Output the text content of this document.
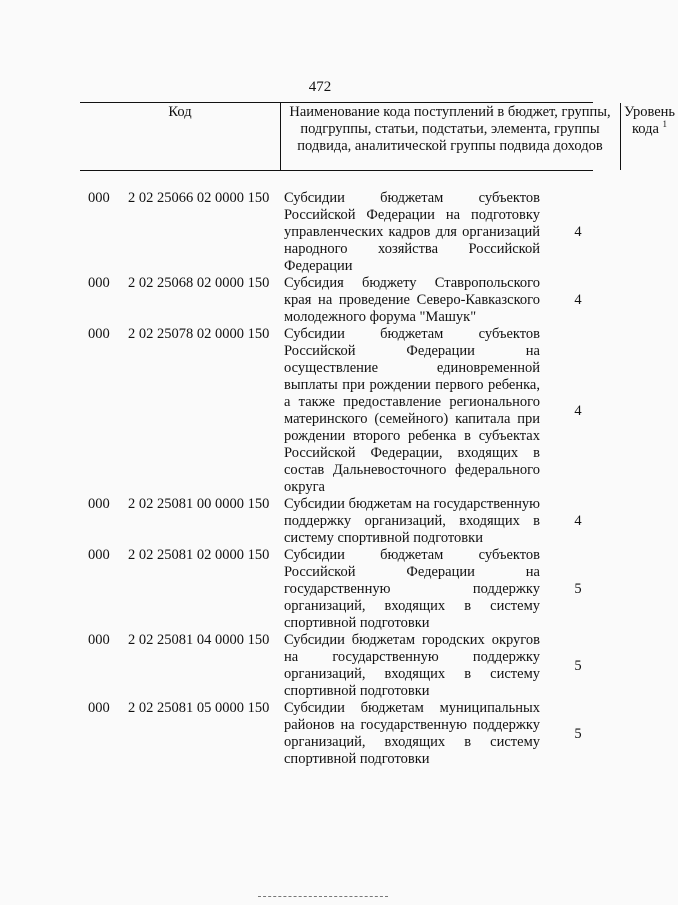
472
Код	Наименование кода поступлений в бюджет, группы, подгруппы, статьи, подстатьи, элемента, группы подвида, аналитической группы подвида доходов
Уровень кода $^1$
000 2 02 25066 02 0000 150 Субсидии бюджетам субъектов Российской Федерации на подготовку управленческих кадров для организаций народного хозяйства Российской Федерации
4
000 2 02 25068 02 0000 150 Субсидия бюджету Ставропольского края на проведение Северо-Кавказского молодежного форума "Машук"
4
000 2 02 25078 02 0000 150 Субсидии бюджетам субъектов Российской Федерации на осуществление единовременной выплаты при рождении первого ребенка, а также предоставление регионального материнского (семейного) капитала при рождении второго ребенка в субъектах Российской Федерации, входящих в состав Дальневосточного федерального округа
4
000 2 02 25081 00 0000 150 Субсидии бюджетам на государственную поддержку организаций, входящих в систему спортивной подготовки
4
000 2 02 25081 02 0000 150 Субсидии бюджетам субъектов Российской Федерации на государственную поддержку организаций, входящих в систему спортивной подготовки
5
000 2 02 25081 04 0000 150 Субсидии бюджетам городских округов на государственную поддержку организаций, входящих в систему спортивной подготовки
5
000 2 02 25081 05 0000 150 Субсидии бюджетам муниципальных районов на государственную поддержку организаций, входящих в систему спортивной подготовки
5
